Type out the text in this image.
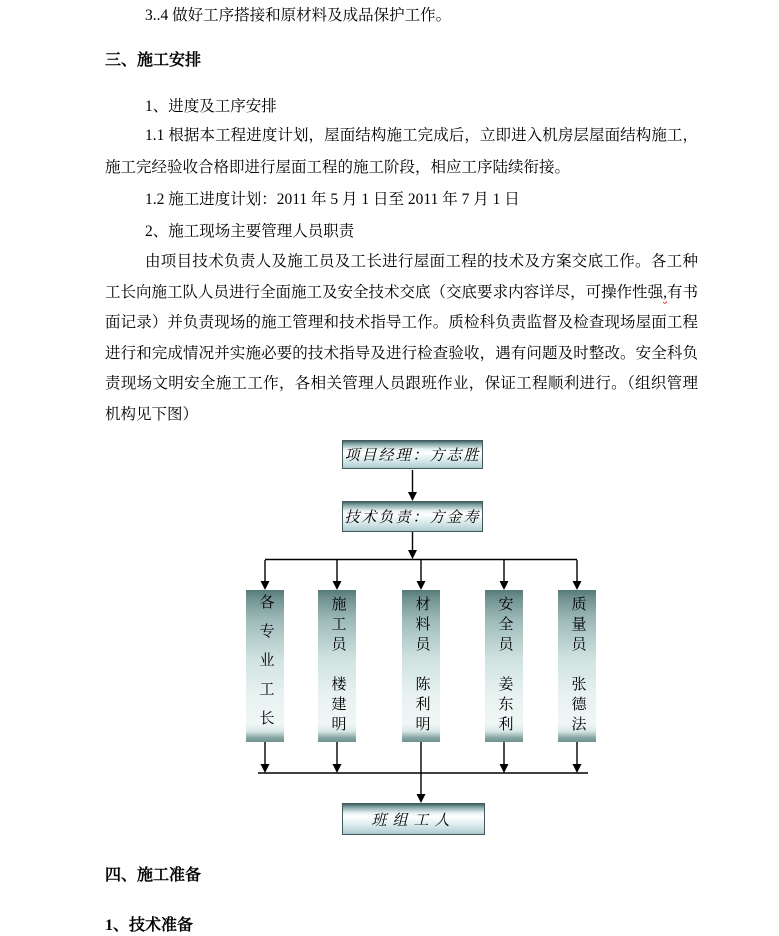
3..4 做好工序搭接和原材料及成品保护工作。

三、施工安排

1、进度及工序安排

1.1 根据本工程进度计划，屋面结构施工完成后，立即进入机房层屋面结构施工，施工完经验收合格即进行屋面工程的施工阶段，相应工序陆续衔接。

1.2 施工进度计划：2011 年 5 月 1 日至 2011 年 7 月 1 日

2、施工现场主要管理人员职责

由项目技术负责人及施工员及工长进行屋面工程的技术及方案交底工作。各工种工长向施工队人员进行全面施工及安全技术交底（交底要求内容详尽，可操作性强,有书面记录）并负责现场的施工管理和技术指导工作。质检科负责监督及检查现场屋面工程进行和完成情况并实施必要的技术指导及进行检查验收，遇有问题及时整改。安全科负责现场文明安全施工工作，各相关管理人员跟班作业，保证工程顺利进行。（组织管理机构见下图）

项目经理：方志胜
技术负责：方金寿
各专业工长	施工员　楼建明	材料员　陈利明	安全员　姜东利	质量员　张德法
班组工人
四、施工准备
1、技术准备
